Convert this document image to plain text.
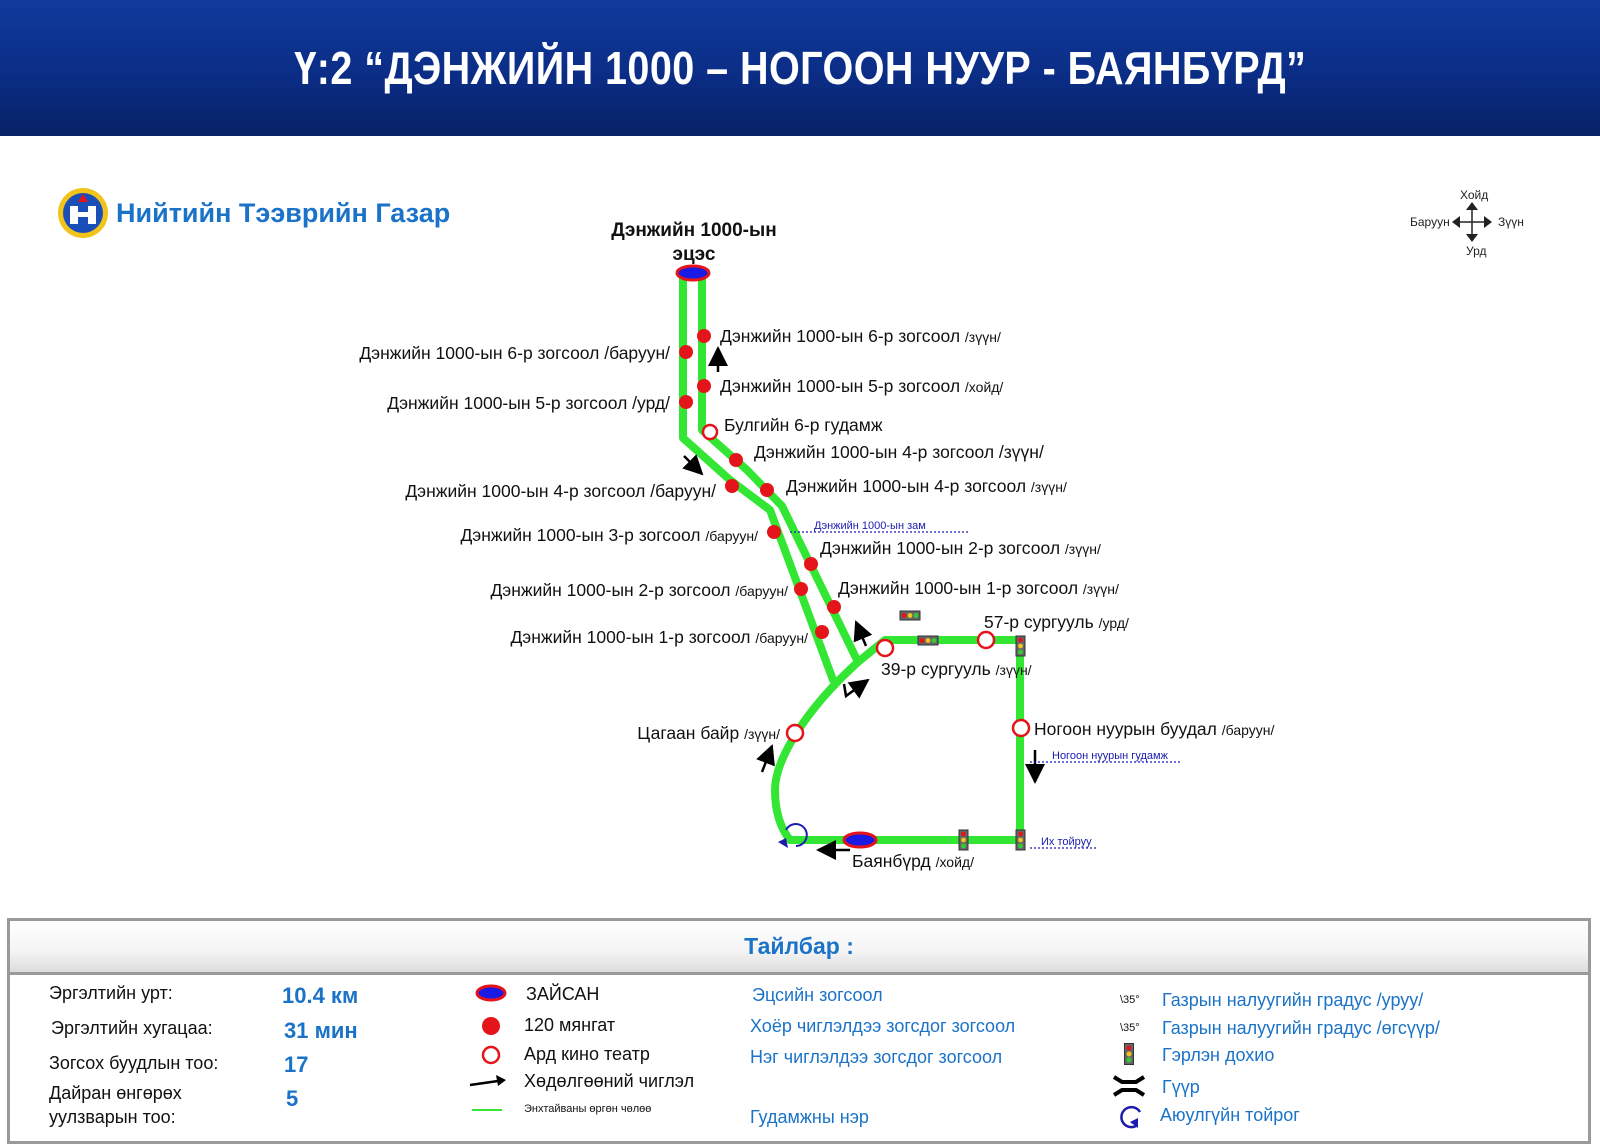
Ү:2 “ДЭНЖИЙН 1000 – НОГООН НУУР - БАЯНБҮРД”
Нийтийн Тээврийн Газар
Хойд
Урд
Баруун	Зүүн
Дэнжийн 1000-ын
эцэс
Дэнжийн 1000-ын 6-р зогсоол /баруун/
Дэнжийн 1000-ын 6-р зогсоол /зүүн/
Дэнжийн 1000-ын 5-р зогсоол /урд/
Дэнжийн 1000-ын 5-р зогсоол /хойд/
Булгийн 6-р гудамж
Дэнжийн 1000-ын 4-р зогсоол /зүүн/
Дэнжийн 1000-ын 4-р зогсоол /баруун/	Дэнжийн 1000-ын 4-р зогсоол /зүүн/
Дэнжийн 1000-ын 3-р зогсоол /баруун/
Дэнжийн 1000-ын 2-р зогсоол /зүүн/
Дэнжийн 1000-ын 2-р зогсоол /баруун/	Дэнжийн 1000-ын 1-р зогсоол /зүүн/
Дэнжийн 1000-ын 1-р зогсоол /баруун/
57-р сургууль /урд/
39-р сургууль /зүүн/
Цагаан байр /зүүн/	Ногоон нуурын буудал /баруун/
Баянбүрд /хойд/
Дэнжийн 1000-ын зам
Ногоон нуурын гудамж
Их тойруу
Тайлбар :
Эргэлтийн урт:	10.4 км
Эргэлтийн хугацаа:	31 мин
Зогсох буудлын тоо:	17
Дайран өнгөрөх
уулзварын тоо:
5
ЗАЙСАН
120 мянгат
Ард кино театр
Хөдөлгөөний чиглэл
Энхтайваны өргөн чөлөө
Эцсийн зогсоол
Хоёр чиглэлдээ зогсдог зогсоол
Нэг чиглэлдээ зогсдог зогсоол
Гудамжны нэр
\35° Газрын налуугийн градус /уруу/
\35° Газрын налуугийн градус /өгсүүр/
Гэрлэн дохио
Гүүр
Аюулгүйн тойрог
